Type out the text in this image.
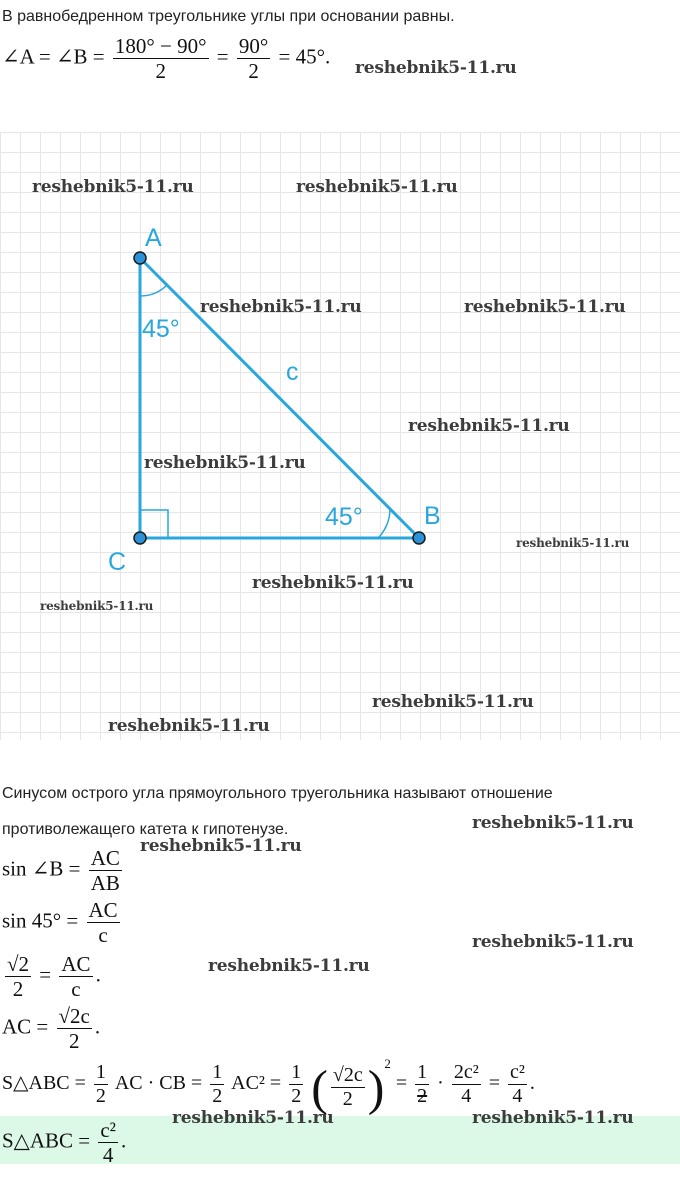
В равнобедренном треугольнике углы при основании равны.
∠A = ∠B = $\frac{180^\circ - 90^\circ}{2} = \frac{90^\circ}{2} = 45^\circ$.
A
B
C
c
45°
45°
Синусом острого угла прямоугольного труегольника называют отношение
противолежащего катета к гипотенузе.
sin ∠B = $\frac{AC}{AB}$
$\sin 45^\circ = \frac{AC}{c}$
$\frac{√2}{2} = \frac{AC}{c}$ .
AC = $\frac{√2c}{2}$ .
S△ABC = $\frac{1}{2}$ AC · CB = $\frac{1}{2} AC^2 = \frac{1}{2}$ ( $\frac{√2c}{2} )^2 = \frac{1}{2} \cdot \frac{\text{2c²}}{4} = \frac{\text{c²}}{4}$ .
S△ABC = $\frac{\text{c²}}{4}$ .
reshebnik5-11.ru
reshebnik5-11.ru	reshebnik5-11.ru
reshebnik5-11.ru	reshebnik5-11.ru
reshebnik5-11.ru
reshebnik5-11.ru
reshebnik5-11.ru
reshebnik5-11.ru
reshebnik5-11.ru
reshebnik5-11.ru
reshebnik5-11.ru
reshebnik5-11.ru
reshebnik5-11.ru
reshebnik5-11.ru
reshebnik5-11.ru
reshebnik5-11.ru	reshebnik5-11.ru
